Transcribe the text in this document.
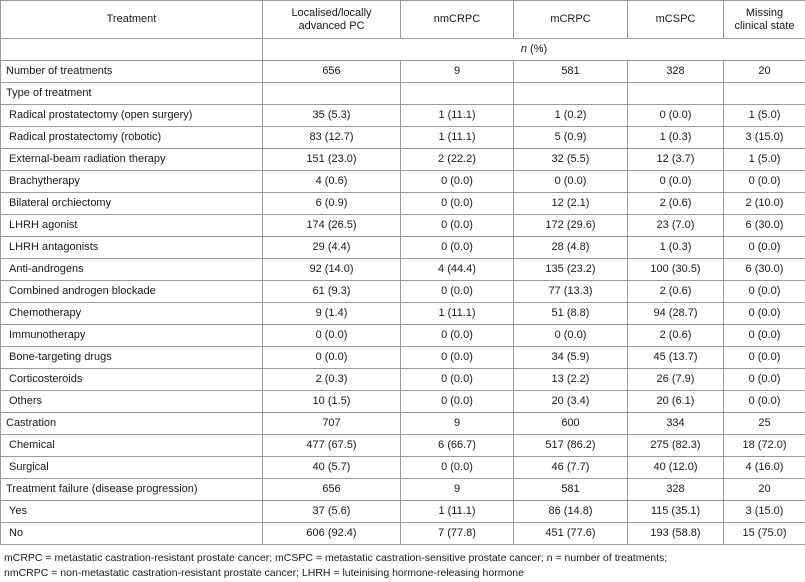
Treatment	Localised/locally advanced PC	nmCRPC	mCRPC	mCSPC	Missing clinical state
	n (%)				
Number of treatments	656	9	581	328	20
Type of treatment					
Radical prostatectomy (open surgery)	35 (5.3)	1 (11.1)	1 (0.2)	0 (0.0)	1 (5.0)
Radical prostatectomy (robotic)	83 (12.7)	1 (11.1)	5 (0.9)	1 (0.3)	3 (15.0)
External-beam radiation therapy	151 (23.0)	2 (22.2)	32 (5.5)	12 (3.7)	1 (5.0)
Brachytherapy	4 (0.6)	0 (0.0)	0 (0.0)	0 (0.0)	0 (0.0)
Bilateral orchiectomy	6 (0.9)	0 (0.0)	12 (2.1)	2 (0.6)	2 (10.0)
LHRH agonist	174 (26.5)	0 (0.0)	172 (29.6)	23 (7.0)	6 (30.0)
LHRH antagonists	29 (4.4)	0 (0.0)	28 (4.8)	1 (0.3)	0 (0.0)
Anti-androgens	92 (14.0)	4 (44.4)	135 (23.2)	100 (30.5)	6 (30.0)
Combined androgen blockade	61 (9.3)	0 (0.0)	77 (13.3)	2 (0.6)	0 (0.0)
Chemotherapy	9 (1.4)	1 (11.1)	51 (8.8)	94 (28.7)	0 (0.0)
Immunotherapy	0 (0.0)	0 (0.0)	0 (0.0)	2 (0.6)	0 (0.0)
Bone-targeting drugs	0 (0.0)	0 (0.0)	34 (5.9)	45 (13.7)	0 (0.0)
Corticosteroids	2 (0.3)	0 (0.0)	13 (2.2)	26 (7.9)	0 (0.0)
Others	10 (1.5)	0 (0.0)	20 (3.4)	20 (6.1)	0 (0.0)
Castration	707	9	600	334	25
Chemical	477 (67.5)	6 (66.7)	517 (86.2)	275 (82.3)	18 (72.0)
Surgical	40 (5.7)	0 (0.0)	46 (7.7)	40 (12.0)	4 (16.0)
Treatment failure (disease progression)	656	9	581	328	20
Yes	37 (5.6)	1 (11.1)	86 (14.8)	115 (35.1)	3 (15.0)
No	606 (92.4)	7 (77.8)	451 (77.6)	193 (58.8)	15 (75.0)
mCRPC = metastatic castration-resistant prostate cancer; mCSPC = metastatic castration-sensitive prostate cancer; n = number of treatments;
nmCRPC = non-metastatic castration-resistant prostate cancer; LHRH = luteinising hormone-releasing hormone
